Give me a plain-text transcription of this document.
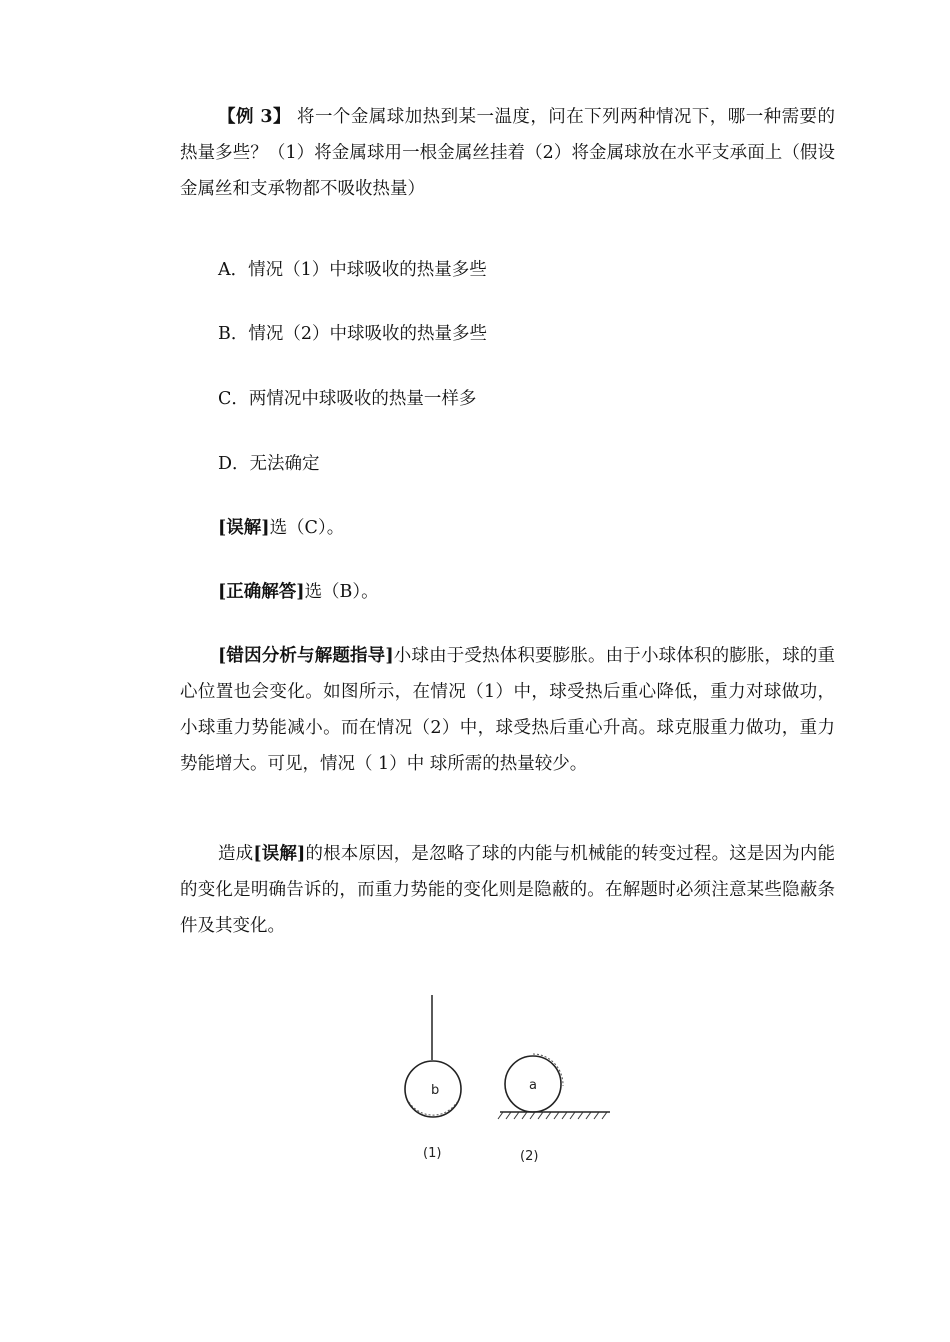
【例 3】 将一个金属球加热到某一温度，问在下列两种情况下，哪一种需要的热量多些？（1）将金属球用一根金属丝挂着（2）将金属球放在水平支承面上（假设金属丝和支承物都不吸收热量）

A．情况（1）中球吸收的热量多些

B．情况（2）中球吸收的热量多些

C．两情况中球吸收的热量一样多

D．无法确定

[误解]选（C）。

[正确解答]选（B）。

[错因分析与解题指导]小球由于受热体积要膨胀。由于小球体积的膨胀，球的重心位置也会变化。如图所示，在情况（1）中，球受热后重心降低，重力对球做功，小球重力势能减小。而在情况（2）中，球受热后重心升高。球克服重力做功，重力势能增大。可见，情况（ 1）中 球所需的热量较少。

造成[误解]的根本原因，是忽略了球的内能与机械能的转变过程。这是因为内能的变化是明确告诉的，而重力势能的变化则是隐蔽的。在解题时必须注意某些隐蔽条件及其变化。

b
(1)
a
(2)
